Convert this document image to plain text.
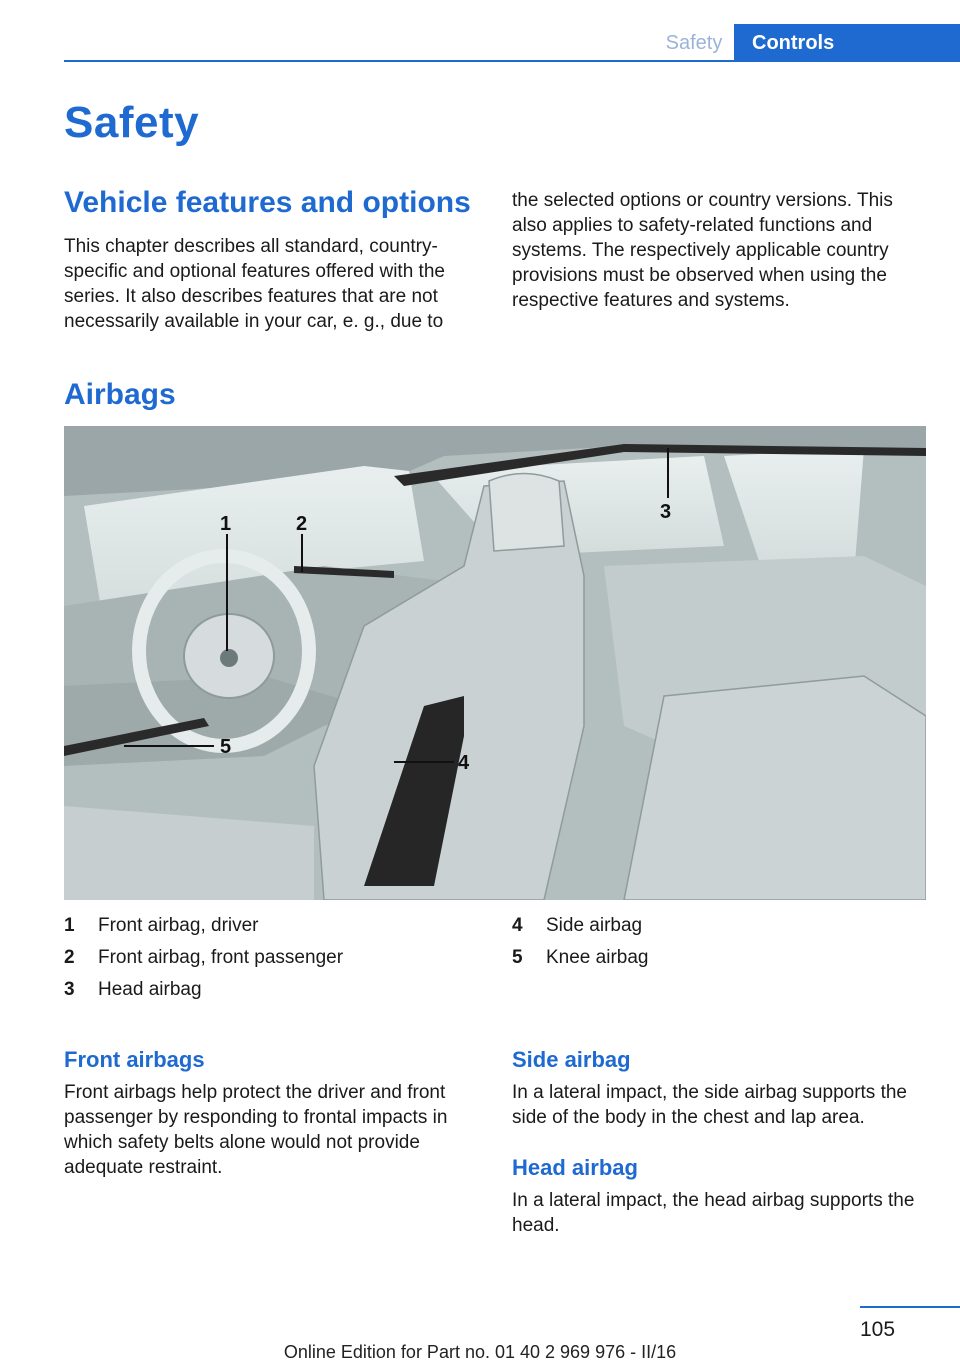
Safety	Controls
Safety
Vehicle features and options
This chapter describes all standard, country-specific and optional features offered with the series. It also describes features that are not necessarily available in your car, e. g., due to
the selected options or country versions. This also applies to safety-related functions and systems. The respectively applicable country provisions must be observed when using the respective features and systems.
Airbags
1	2
3
4
5
1	Front airbag, driver
2	Front airbag, front passenger
3	Head airbag
4	Side airbag
5	Knee airbag
Front airbags
Front airbags help protect the driver and front passenger by responding to frontal impacts in which safety belts alone would not provide adequate restraint.
Side airbag
In a lateral impact, the side airbag supports the side of the body in the chest and lap area.
Head airbag
In a lateral impact, the head airbag supports the head.
105
Online Edition for Part no. 01 40 2 969 976 - II/16
